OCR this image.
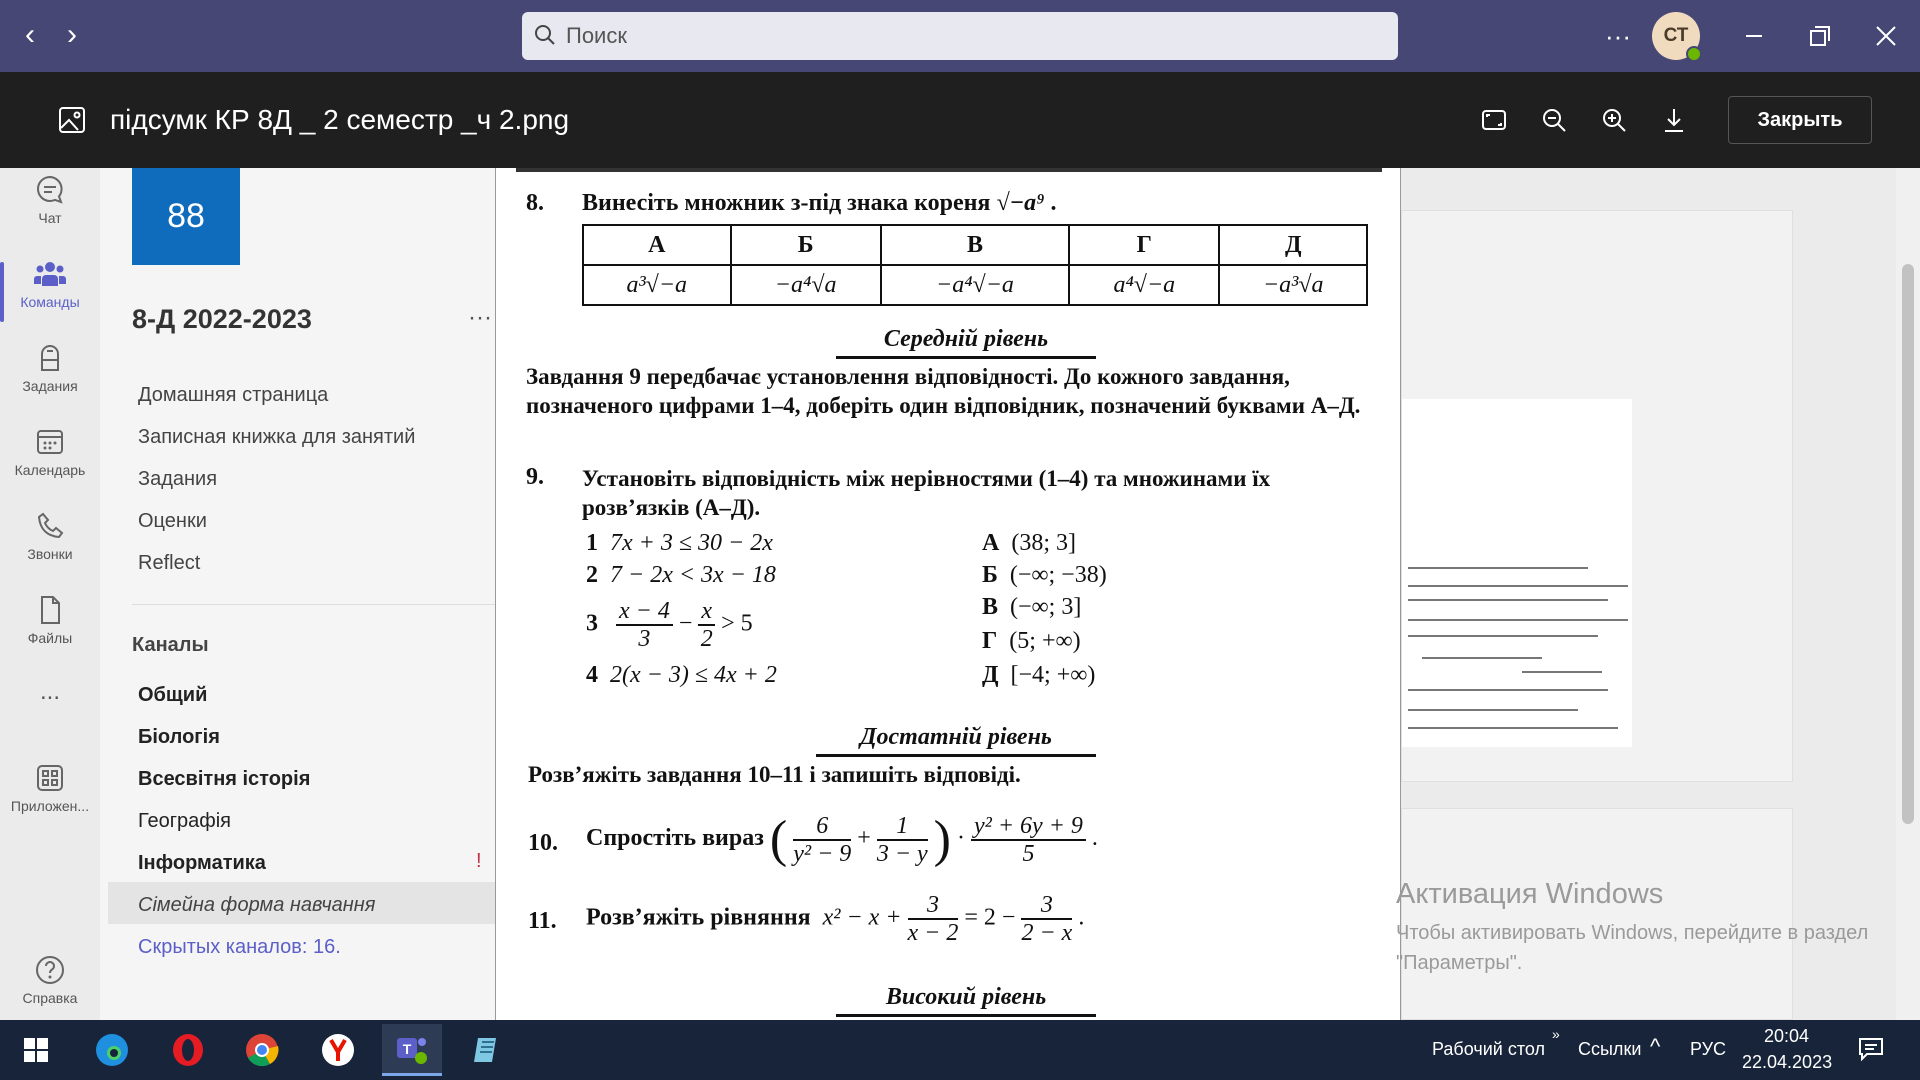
‹	›	Поиск	··· СТ
підсумк КР 8Д _ 2 семестр _ч 2.png	Закрыть
Чат
Команды
Задания
Календарь
Звонки
Файлы
...
Приложен...
Справка
88
8-Д 2022-2023	···
Домашняя страница
Записная книжка для занятий
Задания
Оценки
Reflect
Каналы
Общий
Біологія
Всесвітня історія
Географія
Інформатика	!
Сімейна форма навчання
Скрытых каналов: 16.
8. Винесіть множник з-під знака кореня √−a⁹ .
А	Б	В	Г	Д
a³√−a	−a⁴√a	−a⁴√−a	a⁴√−a	−a³√a
Середній рівень
Завдання 9 передбачає установлення відповідності. До кожного завдання, позначеного цифрами 1–4, доберіть один відповідник, позначений буквами А–Д.
9. Установіть відповідність між нерівностями (1–4) та множинами їх розв’язків (А–Д).
1 7x + 3 ≤ 30 − 2x
2 7 − 2x < 3x − 18
$3 \frac{x - 4}{3} - \frac{x}{2} > 5$
4 2(x − 3) ≤ 4x + 2
А (38; 3]
Б (−∞; −38)
В (−∞; 3]
Г (5; +∞)
Д [−4; +∞)
Достатній рівень
Розв’яжіть завдання 10–11 і запишіть відповіді.
10. Спростіть вираз ( $\frac{6}{\text{y² − 9}} + \frac{1}{3 - y}$ ) · $\frac{\text{y² + 6y + 9}}{5}$ .
11. Розв’яжіть рівняння $x^2 - x + \frac{3}{x - 2} = 2 - \frac{3}{2 - x}$ .
Високий рівень
Активация Windows
Чтобы активировать Windows, перейдите в раздел "Параметры".
T	Рабочий стол
»
Ссылки ^ РУС
20:04
22.04.2023
